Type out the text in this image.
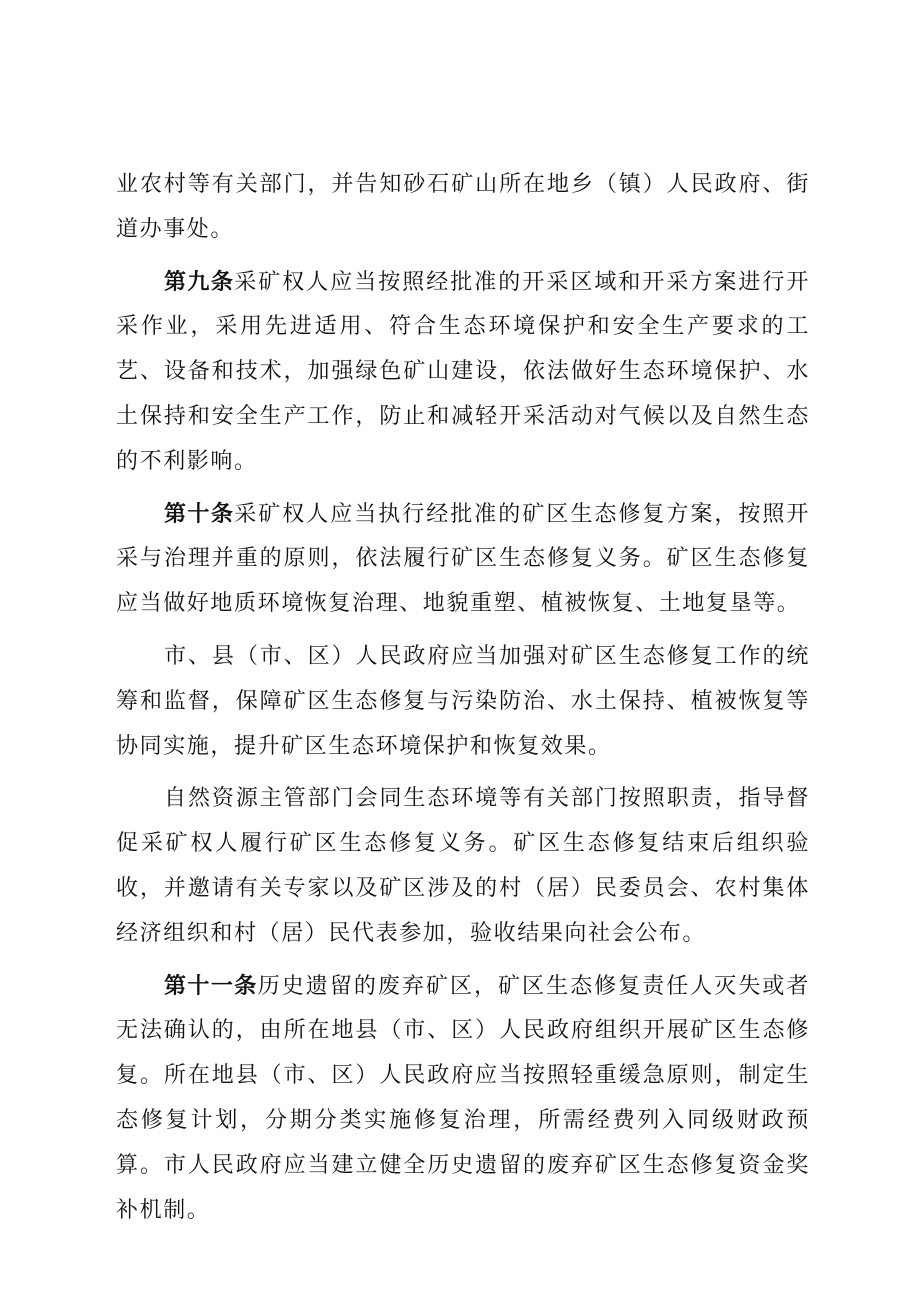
业农村等有关部门，并告知砂石矿山所在地乡（镇）人民政府、街道办事处。

第九条采矿权人应当按照经批准的开采区域和开采方案进行开采作业，采用先进适用、符合生态环境保护和安全生产要求的工艺、设备和技术，加强绿色矿山建设，依法做好生态环境保护、水土保持和安全生产工作，防止和减轻开采活动对气候以及自然生态的不利影响。

第十条采矿权人应当执行经批准的矿区生态修复方案，按照开采与治理并重的原则，依法履行矿区生态修复义务。矿区生态修复应当做好地质环境恢复治理、地貌重塑、植被恢复、土地复垦等。

市、县（市、区）人民政府应当加强对矿区生态修复工作的统筹和监督，保障矿区生态修复与污染防治、水土保持、植被恢复等协同实施，提升矿区生态环境保护和恢复效果。

自然资源主管部门会同生态环境等有关部门按照职责，指导督促采矿权人履行矿区生态修复义务。矿区生态修复结束后组织验收，并邀请有关专家以及矿区涉及的村（居）民委员会、农村集体经济组织和村（居）民代表参加，验收结果向社会公布。

第十一条历史遗留的废弃矿区，矿区生态修复责任人灭失或者无法确认的，由所在地县（市、区）人民政府组织开展矿区生态修复。所在地县（市、区）人民政府应当按照轻重缓急原则，制定生态修复计划，分期分类实施修复治理，所需经费列入同级财政预算。市人民政府应当建立健全历史遗留的废弃矿区生态修复资金奖补机制。
